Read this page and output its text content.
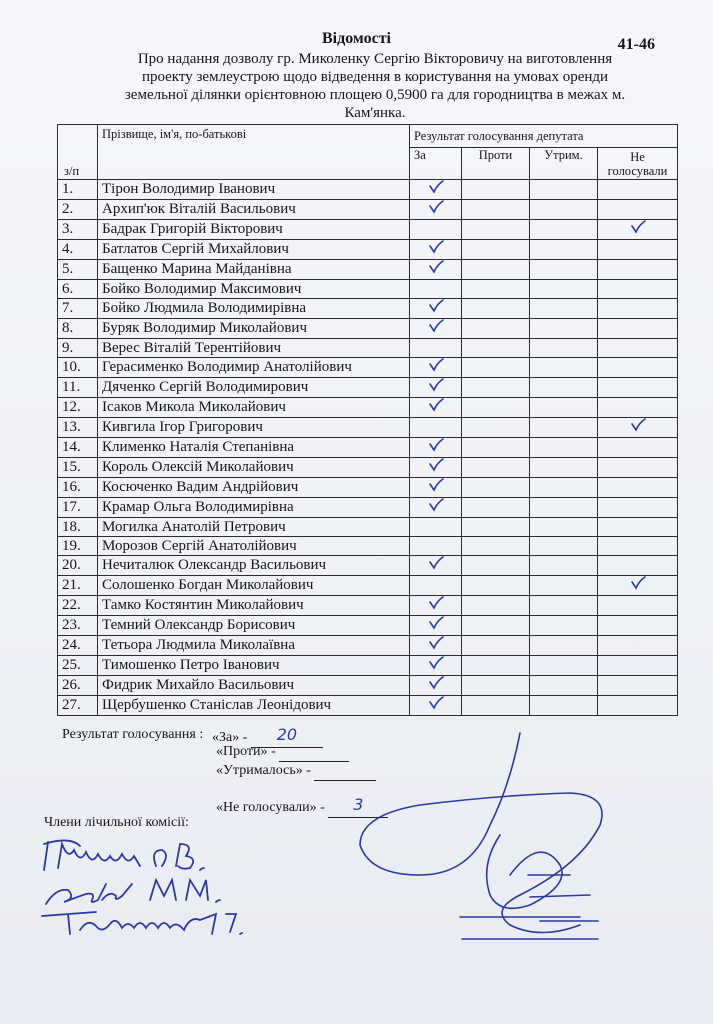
Відомості	41-46
Про надання дозволу гр. Миколенку Сергію Вікторовичу на виготовлення
проекту землеустрою щодо відведення в користування на умовах оренди
земельної ділянки орієнтовною площею 0,5900 га для городництва в межах м.
Кам'янка.
з/п	Прізвище, ім'я, по-батькові	Результат голосування депутата			
		За	Проти	Утрим.	Не голосували
1.	Тірон Володимир Іванович	

2.	Архип'юк Віталій Васильович	

3.	Бадрак Григорій Вікторович				

4.	Батлатов Сергій Михайлович	

5.	Бащенко Марина Майданівна	

6.	Бойко Володимир Максимович				
7.	Бойко Людмила Володимирівна	

8.	Буряк Володимир Миколайович	

9.	Верес Віталій Терентійович				
10.	Герасименко Володимир Анатолійович	

11.	Дяченко Сергій Володимирович	

12.	Ісаков Микола Миколайович	

13.	Кивгила Ігор Григорович				

14.	Клименко Наталія Степанівна	

15.	Король Олексій Миколайович	

16.	Косюченко Вадим Андрійович	

17.	Крамар Ольга Володимирівна	

18.	Могилка Анатолій Петрович				
19.	Морозов Сергій Анатолійович				
20.	Нечиталюк Олександр Васильович	

21.	Солошенко Богдан Миколайович				

22.	Тамко Костянтин Миколайович	

23.	Темний Олександр Борисович	

24.	Тетьора Людмила Миколаївна	

25.	Тимошенко Петро Іванович	

26.	Фидрик Михайло Васильович	

27.	Щербушенко Станіслав Леонідович	

Результат голосування : «За» - 20
«Проти» -
«Утрималось» -
«Не голосували» - 3
Члени лічильної комісії:
